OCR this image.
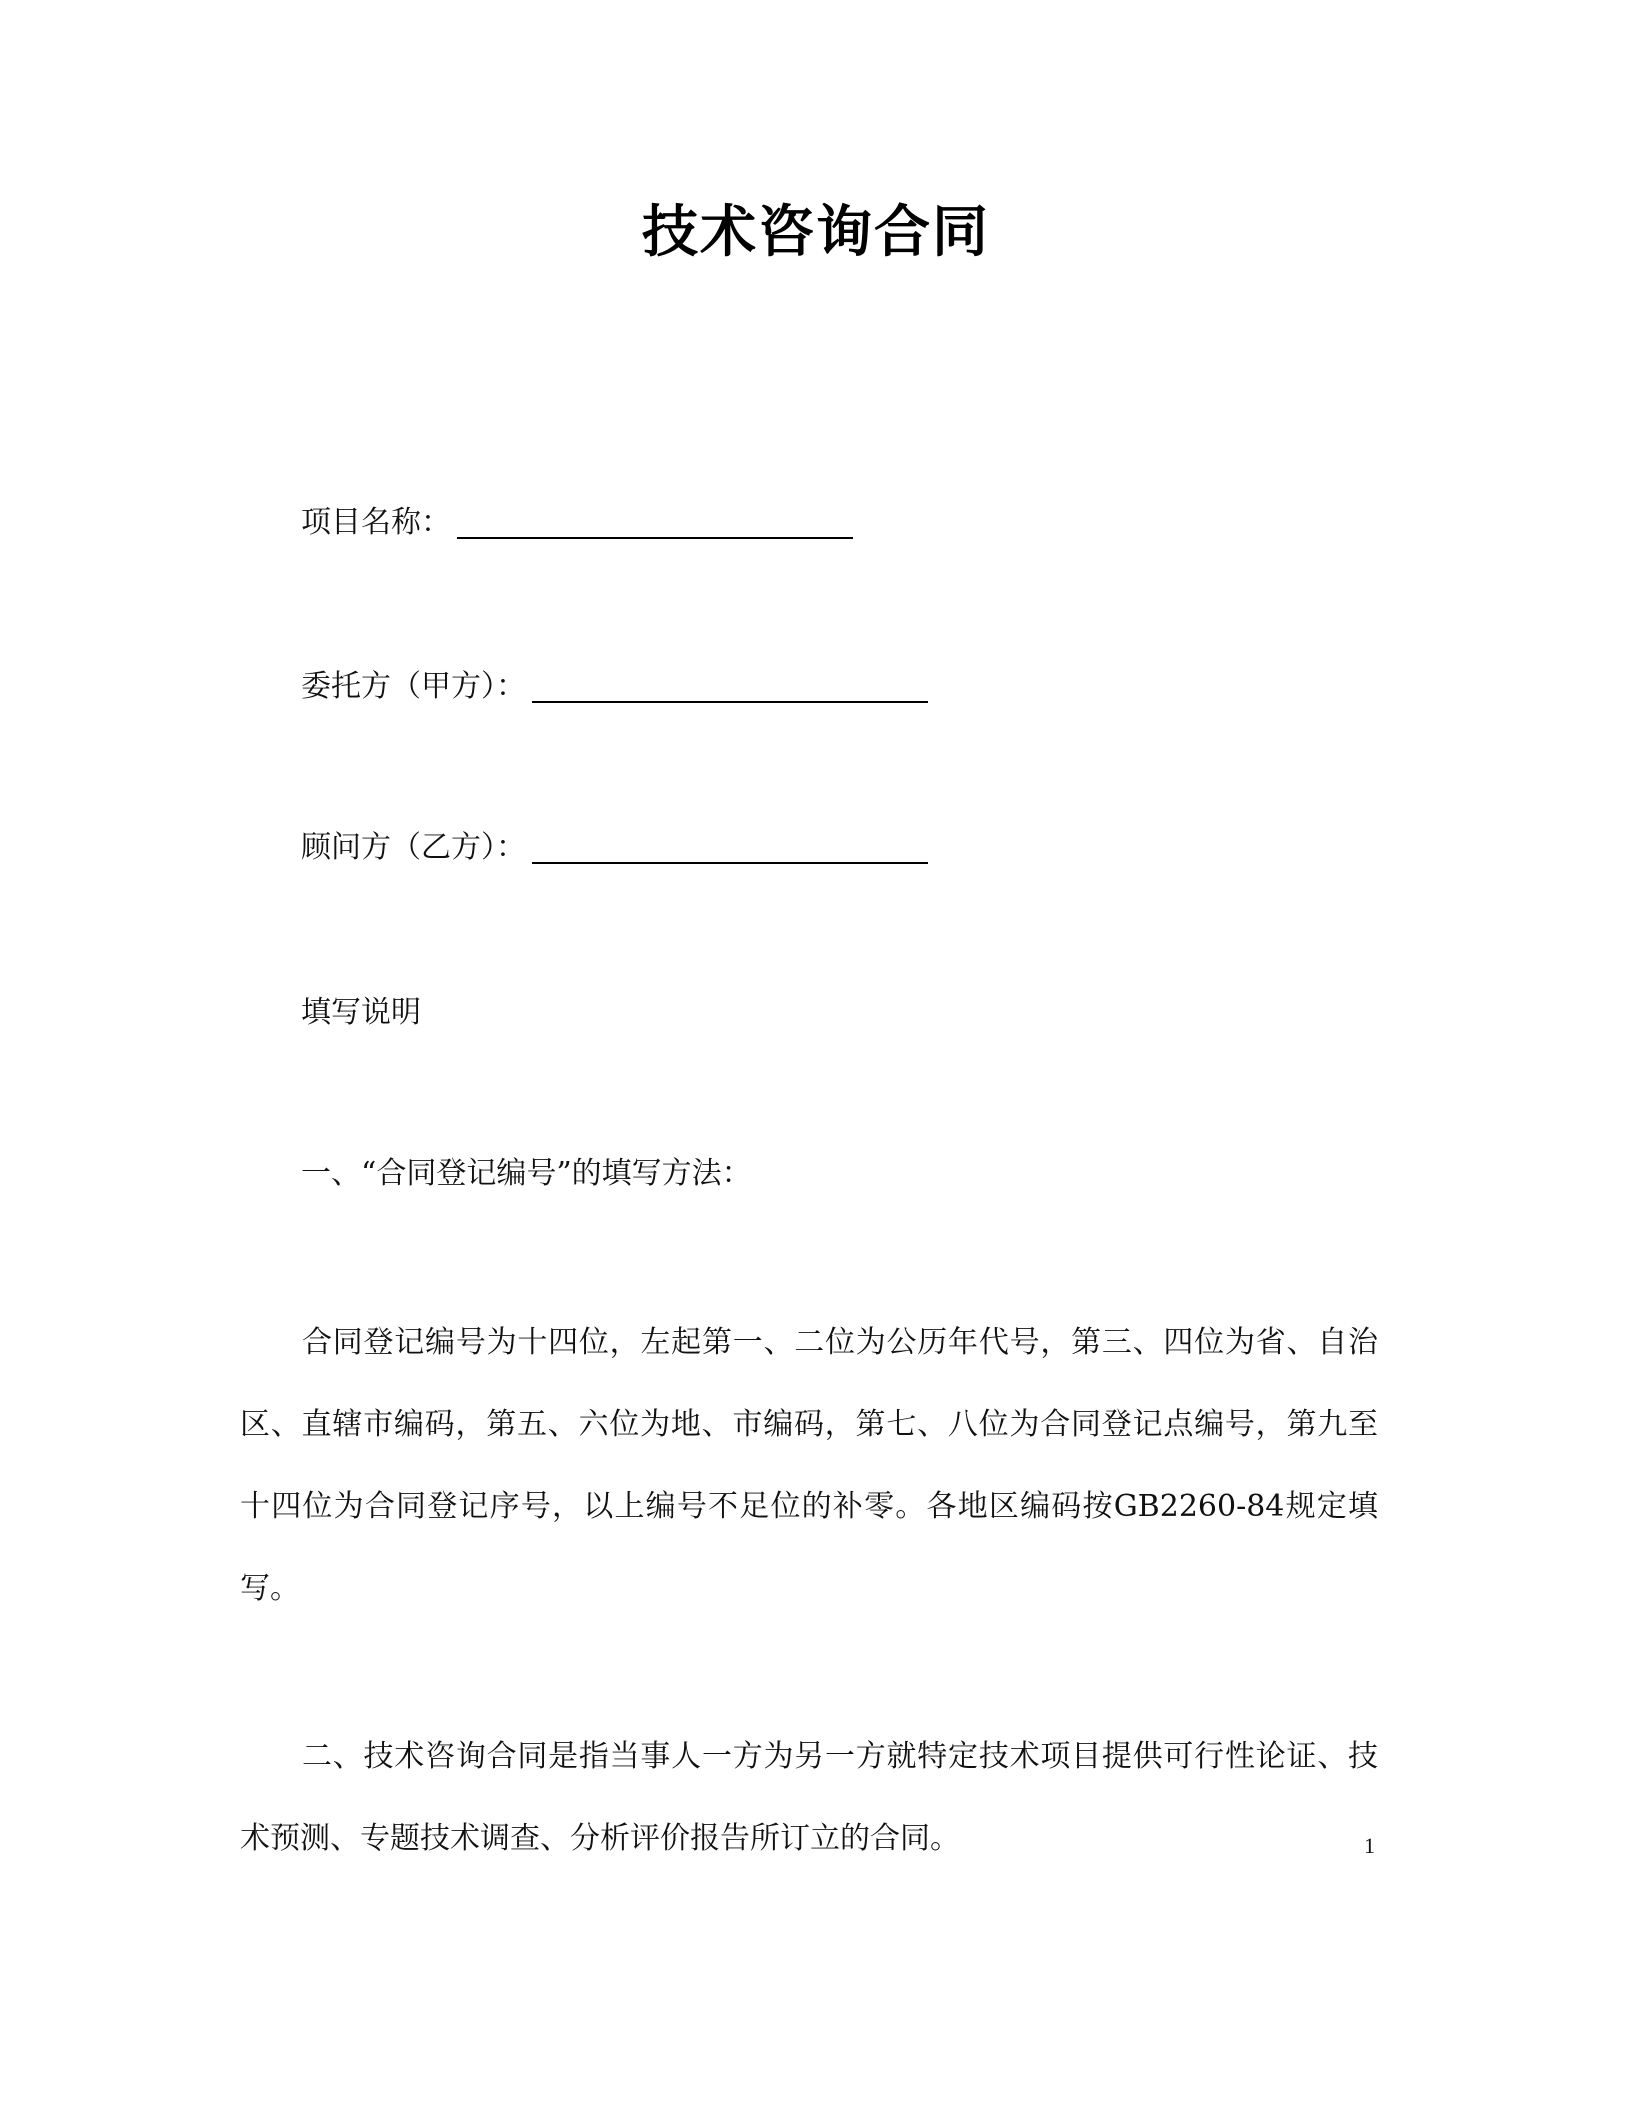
技术咨询合同
项目名称：
委托方（甲方）：
顾问方（乙方）：
填写说明
一、“合同登记编号”的填写方法：
合同登记编号为十四位，左起第一、二位为公历年代号，第三、四位为省、自治区、直辖市编码，第五、六位为地、市编码，第七、八位为合同登记点编号，第九至十四位为合同登记序号，以上编号不足位的补零。各地区编码按GB2260-84规定填写。
二、技术咨询合同是指当事人一方为另一方就特定技术项目提供可行性论证、技术预测、专题技术调查、分析评价报告所订立的合同。	1
